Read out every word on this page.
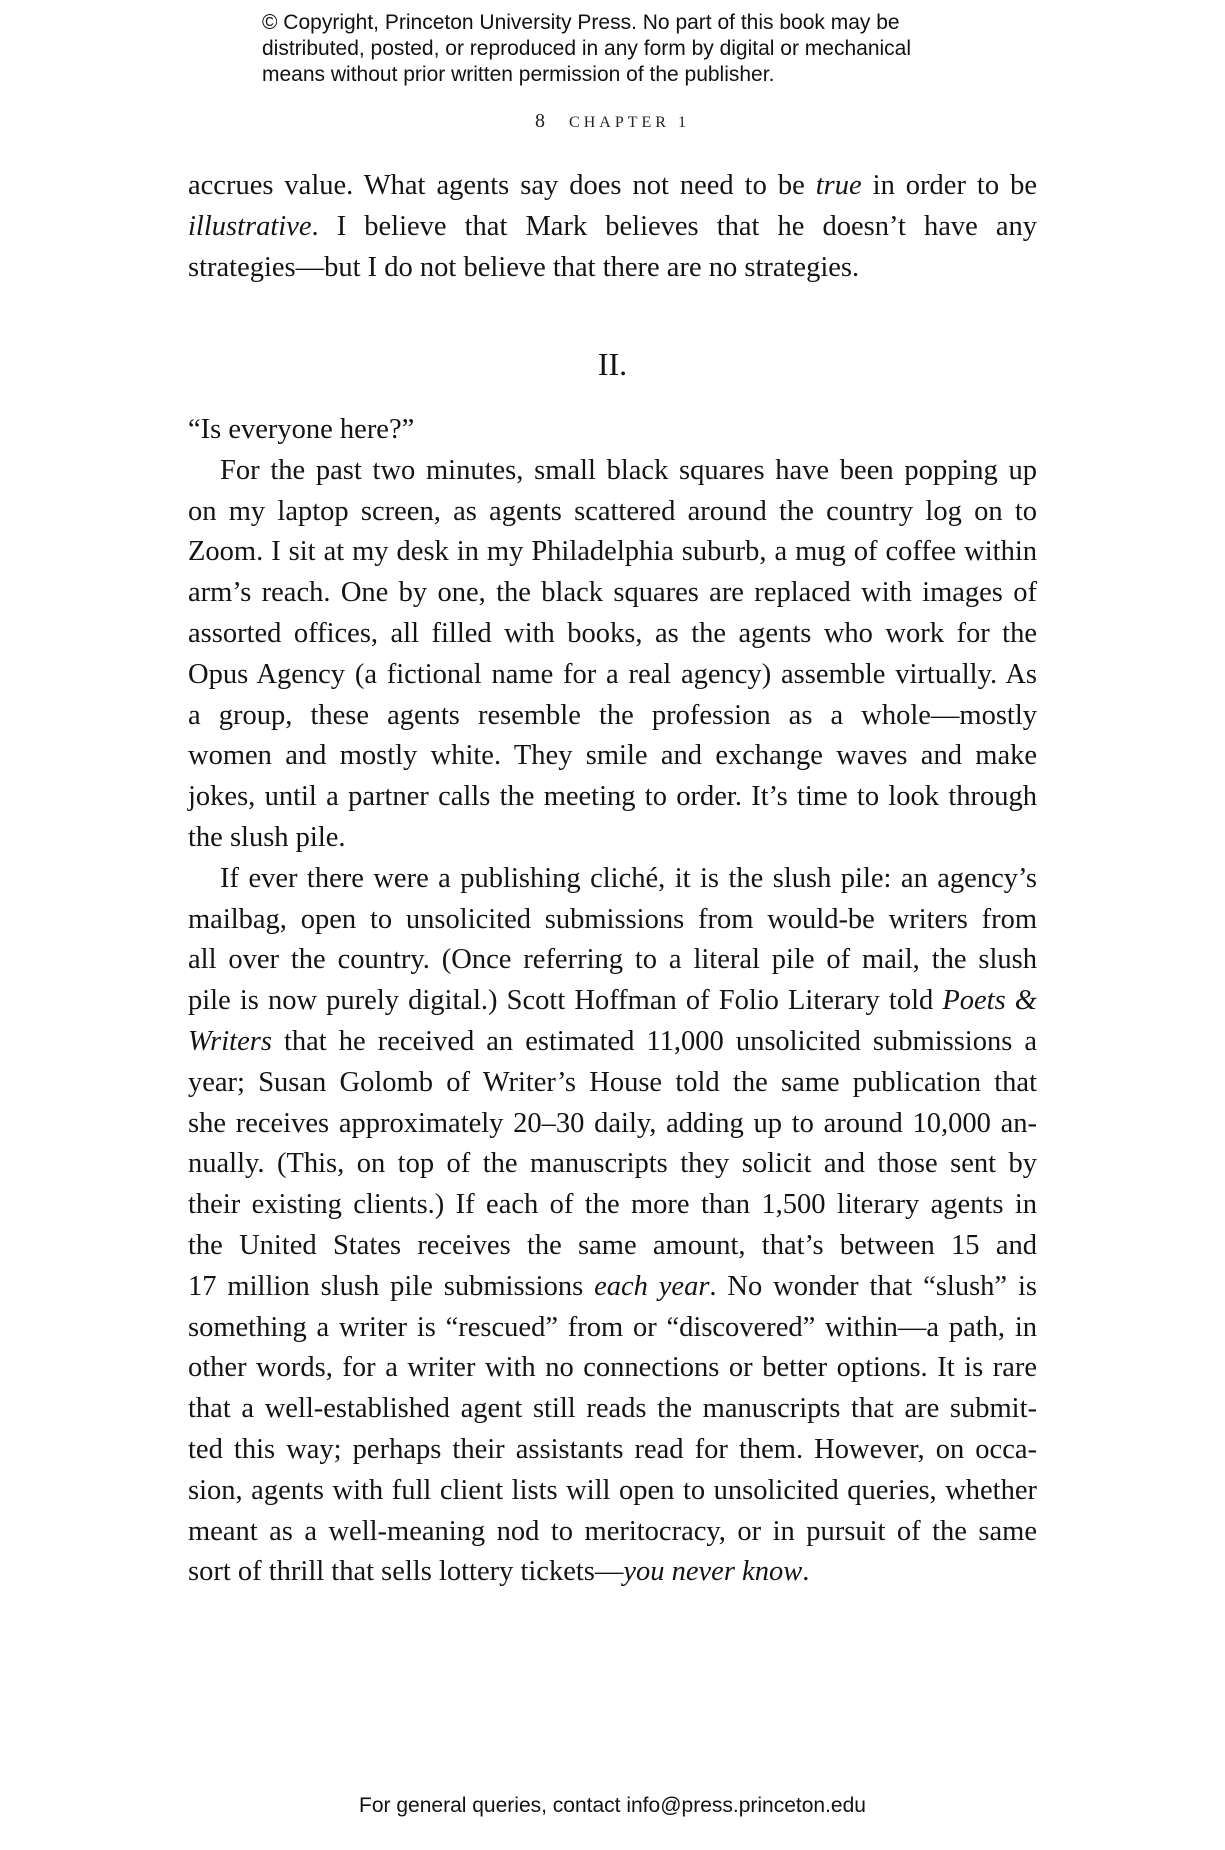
© Copyright, Princeton University Press. No part of this book may be
distributed, posted, or reproduced in any form by digital or mechanical
means without prior written permission of the publisher.
8 CHAPTER 1
accrues value. What agents say does not need to be true in order to be
illustrative. I believe that Mark believes that he doesn’t have any
strategies—but I do not believe that there are no strategies.
II.
“Is everyone here?”
For the past two minutes, small black squares have been popping up
on my laptop screen, as agents scattered around the country log on to
Zoom. I sit at my desk in my Philadelphia suburb, a mug of coffee within
arm’s reach. One by one, the black squares are replaced with images of
assorted offices, all filled with books, as the agents who work for the
Opus Agency (a fictional name for a real agency) assemble virtually. As
a group, these agents resemble the profession as a whole—mostly
women and mostly white. They smile and exchange waves and make
jokes, until a partner calls the meeting to order. It’s time to look through
the slush pile.
If ever there were a publishing cliché, it is the slush pile: an agency’s
mailbag, open to unsolicited submissions from would-be writers from
all over the country. (Once referring to a literal pile of mail, the slush
pile is now purely digital.) Scott Hoffman of Folio Literary told Poets &
Writers that he received an estimated 11,000 unsolicited submissions a
year; Susan Golomb of Writer’s House told the same publication that
she receives approximately 20–30 daily, adding up to around 10,000 an-
nually. (This, on top of the manuscripts they solicit and those sent by
their existing clients.) If each of the more than 1,500 literary agents in
the United States receives the same amount, that’s between 15 and
17 million slush pile submissions each year. No wonder that “slush” is
something a writer is “rescued” from or “discovered” within—a path, in
other words, for a writer with no connections or better options. It is rare
that a well-established agent still reads the manuscripts that are submit-
ted this way; perhaps their assistants read for them. However, on occa-
sion, agents with full client lists will open to unsolicited queries, whether
meant as a well-meaning nod to meritocracy, or in pursuit of the same
sort of thrill that sells lottery tickets—you never know.
For general queries, contact info@press.princeton.edu
